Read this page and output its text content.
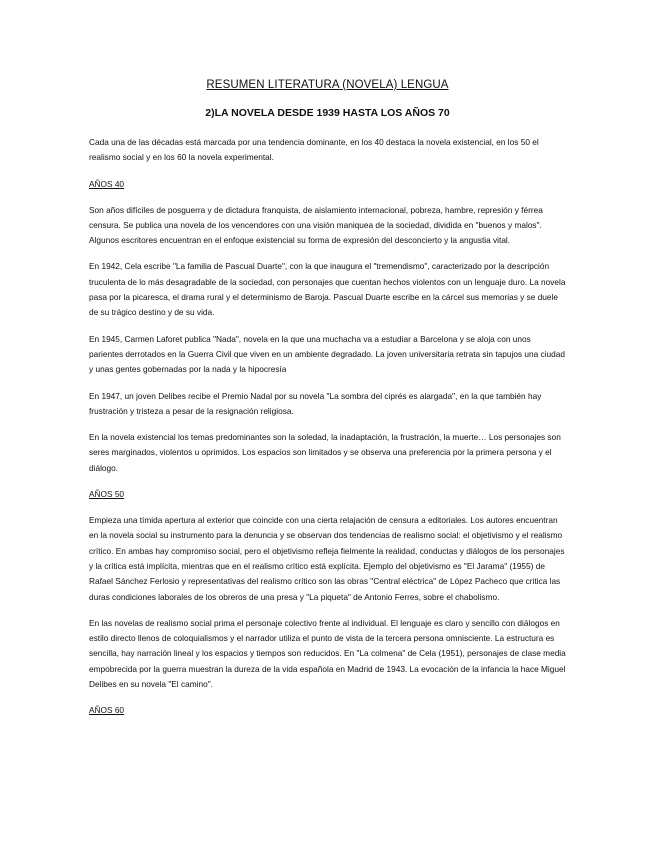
RESUMEN LITERATURA (NOVELA) LENGUA
2)LA NOVELA DESDE 1939 HASTA LOS AÑOS 70

Cada una de las décadas está marcada por una tendencia dominante, en los 40 destaca la novela existencial, en los 50 el realismo social y en los 60 la novela experimental.

AÑOS 40

Son años difíciles de posguerra y de dictadura franquista, de aislamiento internacional, pobreza, hambre, represión y férrea censura. Se publica una novela de los vencendores con una visión maniquea de la sociedad, dividida en "buenos y malos". Algunos escritores encuentran en el enfoque existencial su forma de expresión del desconcierto y la angustia vital.

En 1942, Cela escribe "La familia de Pascual Duarte", con la que inaugura el "tremendismo", caracterizado por la descripción truculenta de lo más desagradable de la sociedad, con personajes que cuentan hechos violentos con un lenguaje duro. La novela pasa por la picaresca, el drama rural y el determinismo de Baroja. Pascual Duarte escribe en la cárcel sus memorias y se duele de su trágico destino y de su vida.

En 1945, Carmen Laforet publica "Nada", novela en la que una muchacha va a estudiar a Barcelona y se aloja con unos parientes derrotados en la Guerra Civil que viven en un ambiente degradado. La joven universitaria retrata sin tapujos una ciudad y unas gentes gobernadas por la nada y la hipocresía

En 1947, un joven Delibes recibe el Premio Nadal por su novela "La sombra del ciprés es alargada", en la que también hay frustración y tristeza a pesar de la resignación religiosa.

En la novela existencial los temas predominantes son la soledad, la inadaptación, la frustración, la muerte… Los personajes son seres marginados, violentos u oprimidos. Los espacios son limitados y se observa una preferencia por la primera persona y el diálogo.

AÑOS 50

Empieza una tímida apertura al exterior que coincide con una cierta relajación de censura a editoriales. Los autores encuentran en la novela social su instrumento para la denuncia y se observan dos tendencias de realismo social: el objetivismo y el realismo crítico. En ambas hay compromiso social, pero el objetivismo refleja fielmente la realidad, conductas y diálogos de los personajes y la crítica está implícita, mientras que en el realismo crítico está explícita. Ejemplo del objetivismo es "El Jarama" (1955) de Rafael Sánchez Ferlosio y representativas del realismo crítico son las obras "Central eléctrica" de López Pacheco que critica las duras condiciones laborales de los obreros de una presa y "La piqueta" de Antonio Ferres, sobre el chabolismo.

En las novelas de realismo social prima el personaje colectivo frente al individual. El lenguaje es claro y sencillo con diálogos en estilo directo llenos de coloquialismos y el narrador utiliza el punto de vista de la tercera persona omnisciente. La estructura es sencilla, hay narración lineal y los espacios y tiempos son reducidos. En "La colmena" de Cela (1951), personajes de clase media empobrecida por la guerra muestran la dureza de la vida española en Madrid de 1943. La evocación de la infancia la hace Miguel Delibes en su novela "El camino".

AÑOS 60
